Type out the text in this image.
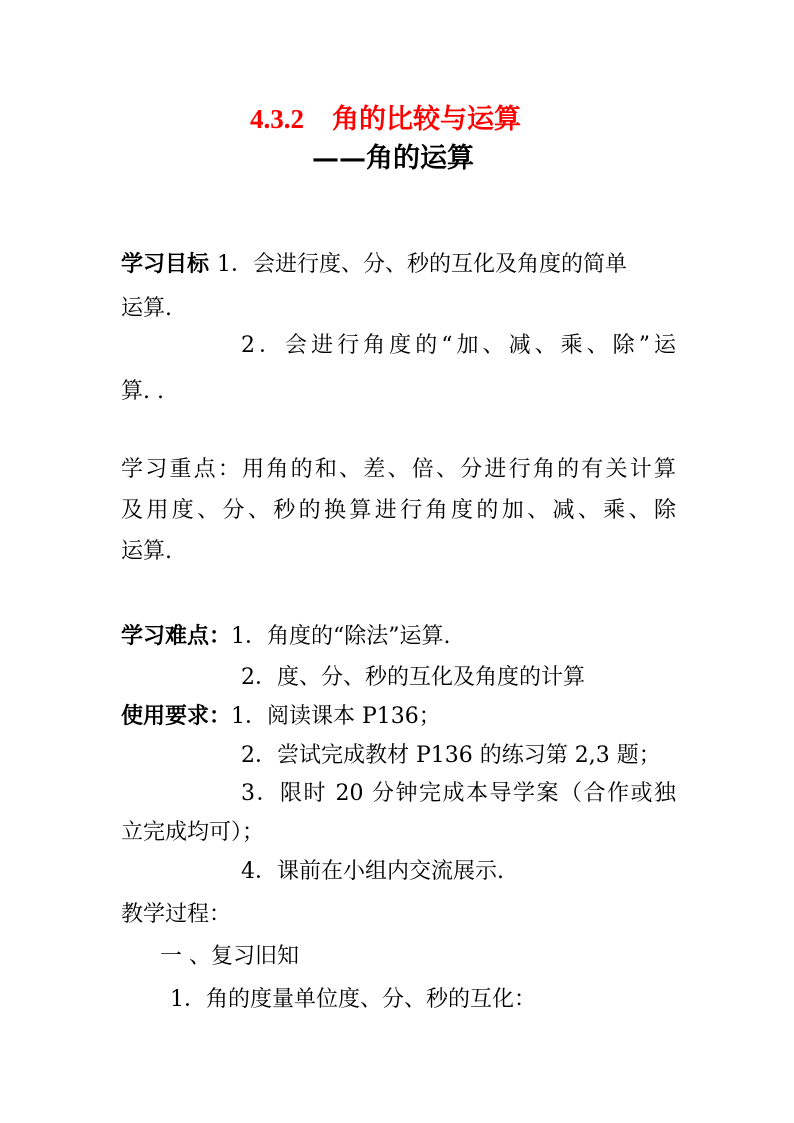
4.3.2 角的比较与运算
——角的运算
学习目标 1．会进行度、分、秒的互化及角度的简单
运算.
2．会进行角度的“加、减、乘、除”运
算. .
学习重点：用角的和、差、倍、分进行角的有关计算
及用度、分、秒的换算进行角度的加、减、乘、除
运算.
学习难点：1．角度的“除法”运算.
2．度、分、秒的互化及角度的计算
使用要求：1．阅读课本 P136；
2．尝试完成教材 P136 的练习第 2,3 题；
3．限时 20 分钟完成本导学案（合作或独
立完成均可）；
4．课前在小组内交流展示.
教学过程：
一 、复习旧知
1．角的度量单位度、分、秒的互化：
